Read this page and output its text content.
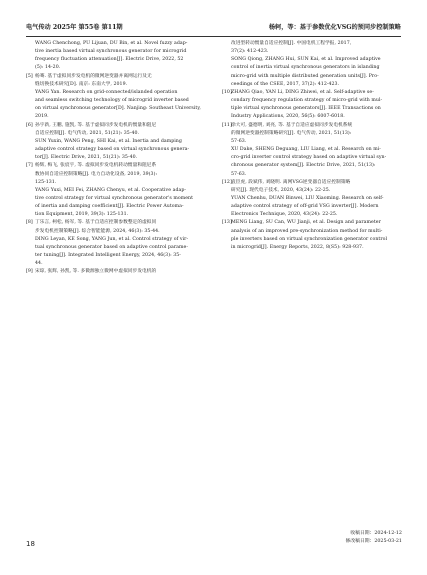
电气传动 2025年 第55卷 第11期	杨轲，等：基于参数优化VSG的预同步控制策略
WANG Chenchong, PU Lijuan, DU Bin, et al. Novel fuzzy adap-
tive inertia based virtual synchronous generator for microgrid
frequency fluctuation attenuation[J]. Electric Drive, 2022, 52
(5): 14-20.
[5] 杨骞. 基于虚拟同步发电机的微网逆变器并离网运行及无
缝切换技术研究[D]. 南京: 东南大学, 2019.
YANG Yan. Research on grid-connected/islanded operation
and seamless switching technology of microgrid inverter based
on virtual synchronous generator[D]. Nanjing: Southeast University,
2019.
[6] 孙宇新, 王鹏, 施凯, 等. 基于虚拟同步发电机的惯量和阻尼
自适应控制[J]. 电气传动, 2021, 51(21): 35-40.
SUN Yuxin, WANG Peng, SHI Kai, et al. Inertia and damping
adaptive control strategy based on virtual synchronous genera-
tor[J]. Electric Drive, 2021, 51(21): 35-40.
[7] 杨辉, 梅飞, 张宸宇, 等. 虚拟同步发电机转动惯量和阻尼系
数协同自适应控制策略[J]. 电力自动化设备, 2019, 39(3):
125-131.
YANG Yuxi, MEI Fei, ZHANG Chenyu, et al. Cooperative adap-
tive control strategy for virtual synchronous generator's moment
of inertia and damping coefficient[J]. Electric Power Automa-
tion Equipment, 2019, 39(3): 125-131.
[8] 丁乐言, 柯松, 杨军, 等. 基于自适应控制参数整定的虚拟同
步发电机控制策略[J]. 综合智能能源, 2024, 46(3): 35-44.
DING Leyan, KE Song, YANG Jun, et al. Control strategy of vir-
tual synchronous generator based on adaptive control parame-
ter tuning[J]. Integrated Intelligent Energy, 2024, 46(3): 35-
44.
[9] 宋琼, 张辉, 孙凯, 等. 多微源独立微网中虚拟同步发电机的
改进型转动惯量自适应控制[J]. 中国电机工程学报, 2017,
37(2): 412-423.
SONG Qiong, ZHANG Hui, SUN Kai, et al. Improved adaptive
control of inertia virtual synchronous generators in islanding
micro-grid with multiple distributed generation units[J]. Pro-
ceedings of the CSEE, 2017, 37(2): 412-423.
[10] ZHANG Qiao, YAN Li, DING Zhiwei, et al. Self-adaptive se-
condary frequency regulation strategy of micro-grid with mul-
tiple virtual synchronous generators[J]. IEEE Transactions on
Industry Applications, 2020, 56(5): 6007-6018.
[11] 徐大可, 盛德明, 刘亮, 等. 基于自适应虚拟同步发电机系统
的微网逆变器控制策略研究[J]. 电气传动, 2021, 51(13):
57-63.
XU Dake, SHENG Deguang, LIU Liang, et al. Research on mi-
cro-grid inverter control strategy based on adaptive virtual syn-
chronous generator system[J]. Electric Drive, 2021, 51(13):
57-63.
[12] 袁臣虎, 段斌伟, 刘晓明. 离网VSG逆变器自适应控制策略
研究[J]. 现代电子技术, 2020, 43(24): 22-25.
YUAN Chenhu, DUAN Binwei, LIU Xiaoming. Research on self-
adaptive control strategy of off-grid VSG inverter[J]. Modern
Electronics Technique, 2020, 43(24): 22-25.
[13] MENG Liang, SU Can, WU Jianji, et al. Design and parameter
analysis of an improved pre-synchronization method for multi-
ple inverters based on virtual synchronization generator control
in microgrid[J]. Energy Reports, 2022, 8(S5): 928-937.
收稿日期：2024-12-12
修改稿日期：2025-03-21
18
